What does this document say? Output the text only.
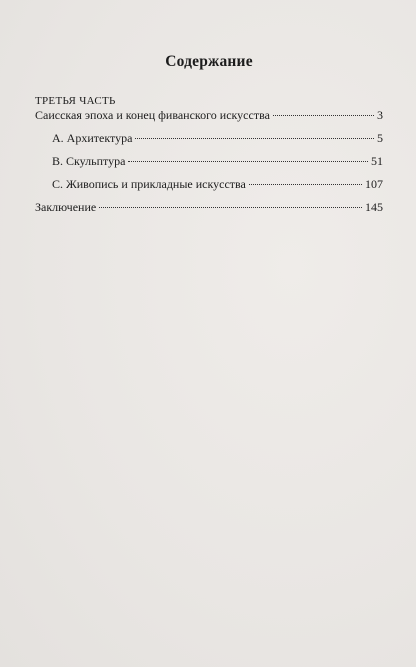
Содержание

ТРЕТЬЯ ЧАСТЬ

Саисская эпоха и конец фиванского искусства	3
A. Архитектура	5
B. Скульптура	51
C. Живопись и прикладные искусства	107
Заключение	145
